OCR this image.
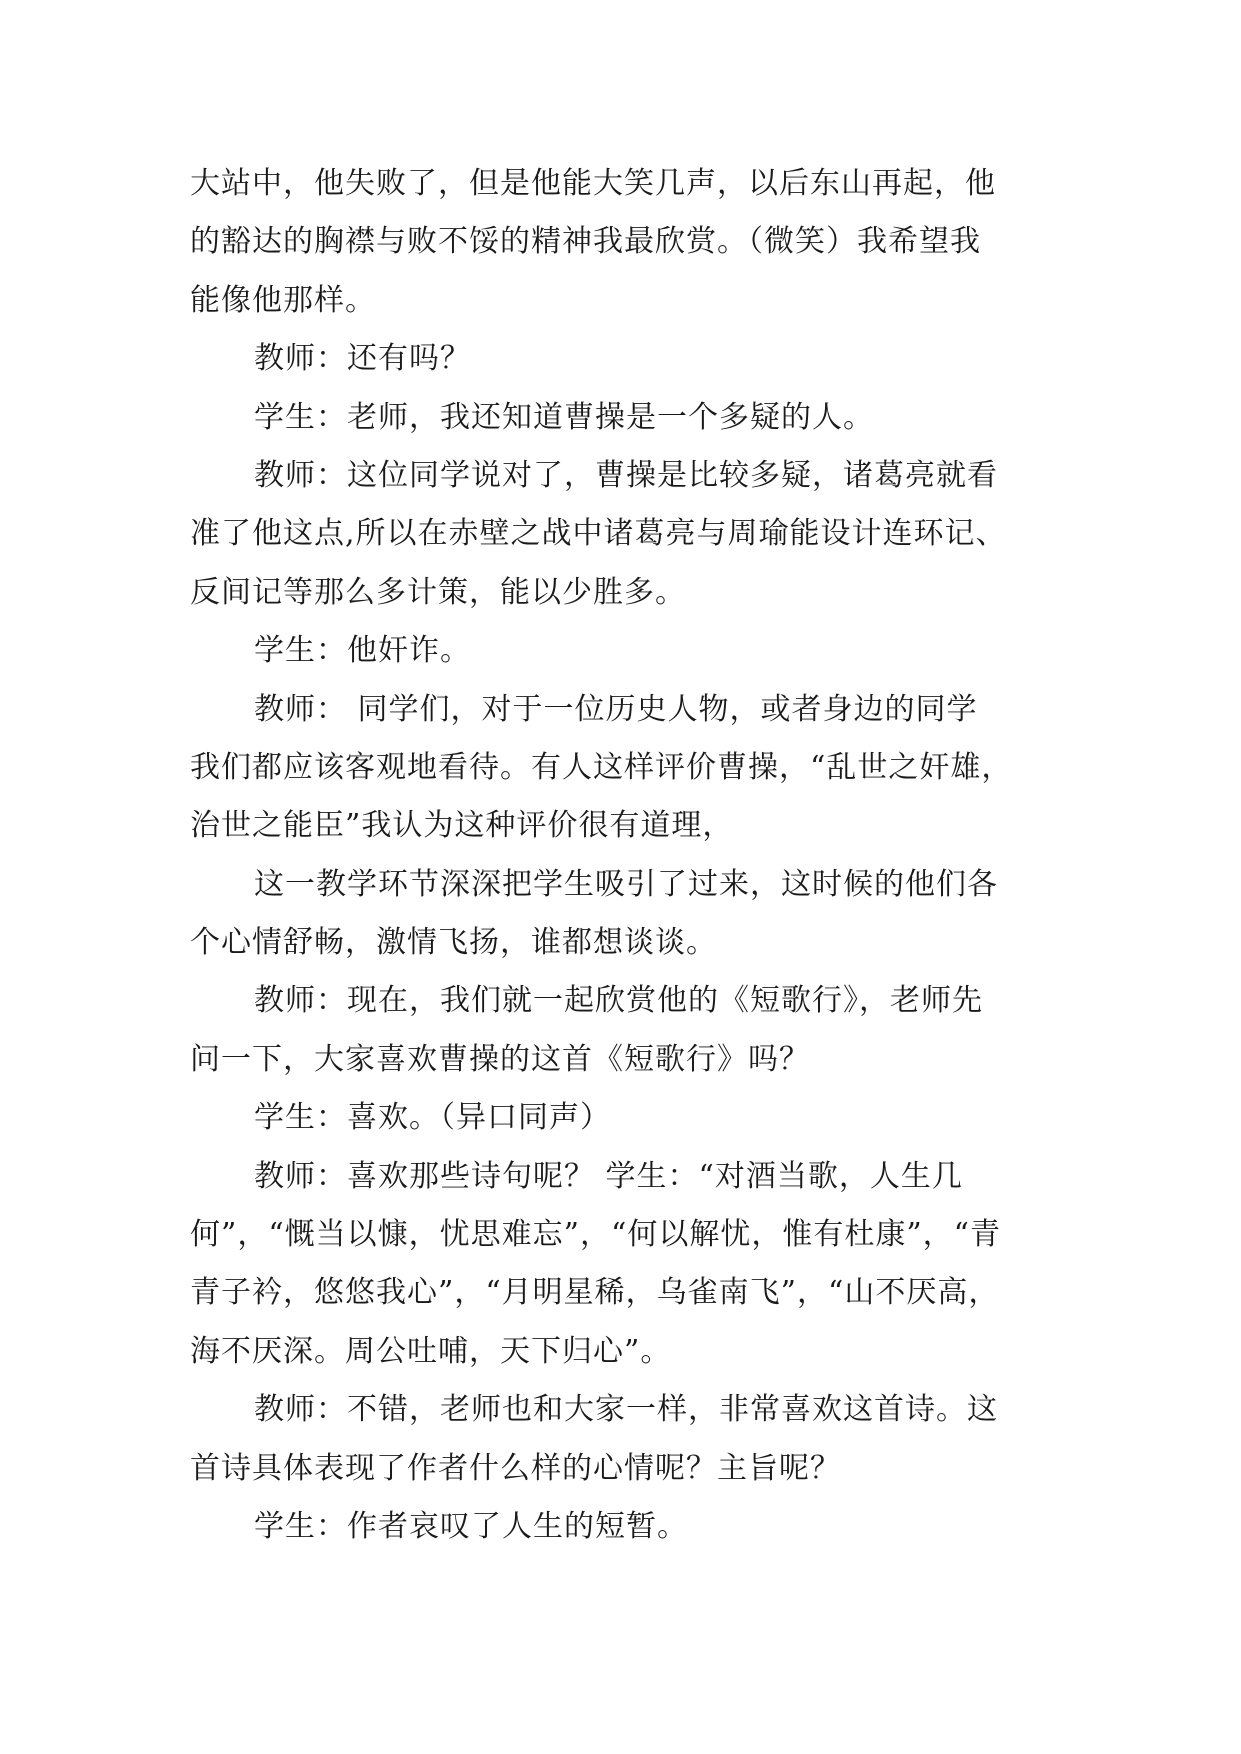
大站中，他失败了，但是他能大笑几声，以后东山再起，他
的豁达的胸襟与败不馁的精神我最欣赏。（微笑）我希望我
能像他那样。
教师：还有吗？
学生：老师，我还知道曹操是一个多疑的人。
教师：这位同学说对了，曹操是比较多疑，诸葛亮就看
准了他这点,所以在赤壁之战中诸葛亮与周瑜能设计连环记、
反间记等那么多计策，能以少胜多。
学生：他奸诈。
教师： 同学们，对于一位历史人物，或者身边的同学
我们都应该客观地看待。有人这样评价曹操，“乱世之奸雄，
治世之能臣”我认为这种评价很有道理，
这一教学环节深深把学生吸引了过来，这时候的他们各
个心情舒畅，激情飞扬，谁都想谈谈。
教师：现在，我们就一起欣赏他的《短歌行》，老师先
问一下，大家喜欢曹操的这首《短歌行》吗？
学生：喜欢。（异口同声）
教师：喜欢那些诗句呢？ 学生：“对酒当歌，人生几
何”，“慨当以慷，忧思难忘”，“何以解忧，惟有杜康”，“青
青子衿，悠悠我心”，“月明星稀，乌雀南飞”，“山不厌高，
海不厌深。周公吐哺，天下归心”。
教师：不错，老师也和大家一样，非常喜欢这首诗。这
首诗具体表现了作者什么样的心情呢？主旨呢？
学生：作者哀叹了人生的短暂。
